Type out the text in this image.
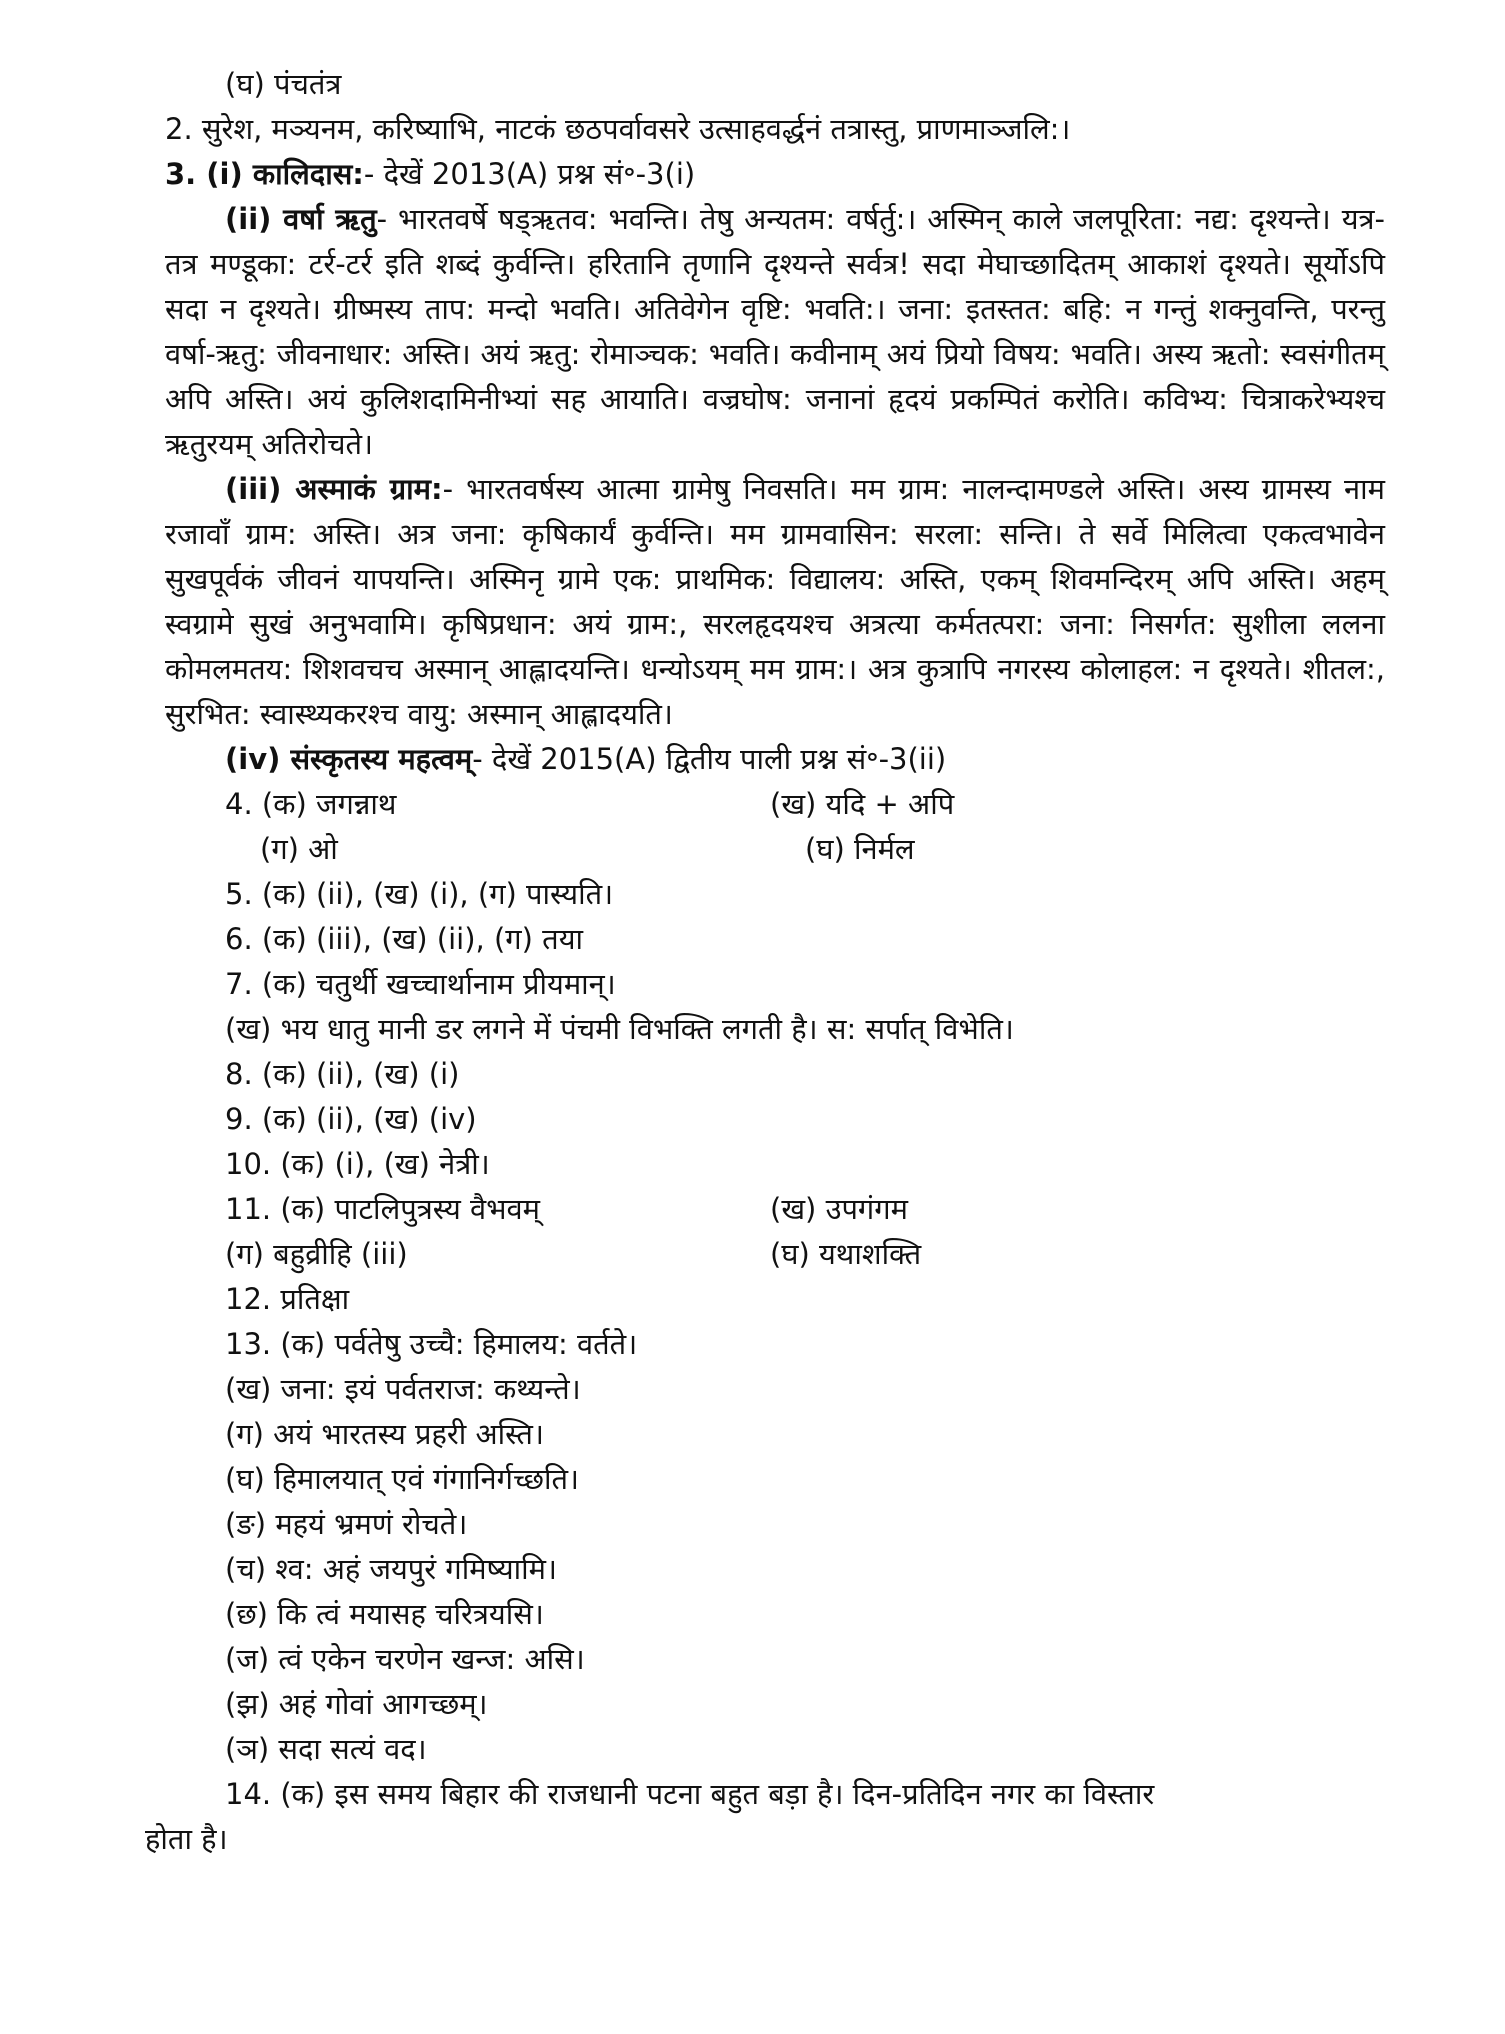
(घ) पंचतंत्र
2. सुरेश, मञ्यनम, करिष्याभि, नाटकं छठपर्वावसरे उत्साहवर्द्धनं तत्रास्तु, प्राणमाञ्जलि:।
3. (i) कालिदास:- देखें 2013(A) प्रश्न सं॰-3(i)
(ii) वर्षा ऋतु- भारतवर्षे षड्ऋतव: भवन्ति। तेषु अन्यतम: वर्षर्तु:। अस्मिन् काले जलपूरिता: नद्य: दृश्यन्ते। यत्र-तत्र मण्डूका: टर्र-टर्र इति शब्दं कुर्वन्ति। हरितानि तृणानि दृश्यन्ते सर्वत्र! सदा मेघाच्छादितम् आकाशं दृश्यते। सूर्योऽपि सदा न दृश्यते। ग्रीष्मस्य ताप: मन्दो भवति। अतिवेगेन वृष्टि: भवति:। जना: इतस्तत: बहि: न गन्तुं शक्नुवन्ति, परन्तु वर्षा-ऋतु: जीवनाधार: अस्ति। अयं ऋतु: रोमाञ्चक: भवति। कवीनाम् अयं प्रियो विषय: भवति। अस्य ऋतो: स्वसंगीतम् अपि अस्ति। अयं कुलिशदामिनीभ्यां सह आयाति। वज्रघोष: जनानां हृदयं प्रकम्पितं करोति। कविभ्य: चित्राकरेभ्यश्च ऋतुरयम् अतिरोचते।
(iii) अस्माकं ग्राम:- भारतवर्षस्य आत्मा ग्रामेषु निवसति। मम ग्राम: नालन्दामण्डले अस्ति। अस्य ग्रामस्य नाम रजावाँ ग्राम: अस्ति। अत्र जना: कृषिकार्यं कुर्वन्ति। मम ग्रामवासिन: सरला: सन्ति। ते सर्वे मिलित्वा एकत्वभावेन सुखपूर्वकं जीवनं यापयन्ति। अस्मिनृ ग्रामे एक: प्राथमिक: विद्यालय: अस्ति, एकम् शिवमन्दिरम् अपि अस्ति। अहम् स्वग्रामे सुखं अनुभवामि। कृषिप्रधान: अयं ग्राम:, सरलहृदयश्च अत्रत्या कर्मतत्परा: जना: निसर्गत: सुशीला ललना कोमलमतय: शिशवचच अस्मान् आह्लादयन्ति। धन्योऽयम् मम ग्राम:। अत्र कुत्रापि नगरस्य कोलाहल: न दृश्यते। शीतल:, सुरभित: स्वास्थ्यकरश्च वायु: अस्मान् आह्लादयति।
(iv) संस्कृतस्य महत्वम्- देखें 2015(A) द्वितीय पाली प्रश्न सं॰-3(ii)
4. (क) जगन्नाथ	(ख) यदि + अपि
(ग) ओ	(घ) निर्मल
5. (क) (ii), (ख) (i), (ग) पास्यति।
6. (क) (iii), (ख) (ii), (ग) तया
7. (क) चतुर्थी खच्चार्थानाम प्रीयमान्।
(ख) भय धातु मानी डर लगने में पंचमी विभक्ति लगती है। स: सर्पात् विभेति।
8. (क) (ii), (ख) (i)
9. (क) (ii), (ख) (iv)
10. (क) (i), (ख) नेत्री।
11. (क) पाटलिपुत्रस्य वैभवम्	(ख) उपगंगम
(ग) बहुव्रीहि (iii)	(घ) यथाशक्ति
12. प्रतिक्षा
13. (क) पर्वतेषु उच्चै: हिमालय: वर्तते।
(ख) जना: इयं पर्वतराज: कथ्यन्ते।
(ग) अयं भारतस्य प्रहरी अस्ति।
(घ) हिमालयात् एवं गंगानिर्गच्छति।
(ङ) महयं भ्रमणं रोचते।
(च) श्व: अहं जयपुरं गमिष्यामि।
(छ) कि त्वं मयासह चरित्रयसि।
(ज) त्वं एकेन चरणेन खन्ज: असि।
(झ) अहं गोवां आगच्छम्।
(ञ) सदा सत्यं वद।
14. (क) इस समय बिहार की राजधानी पटना बहुत बड़ा है। दिन-प्रतिदिन नगर का विस्तार
होता है।
